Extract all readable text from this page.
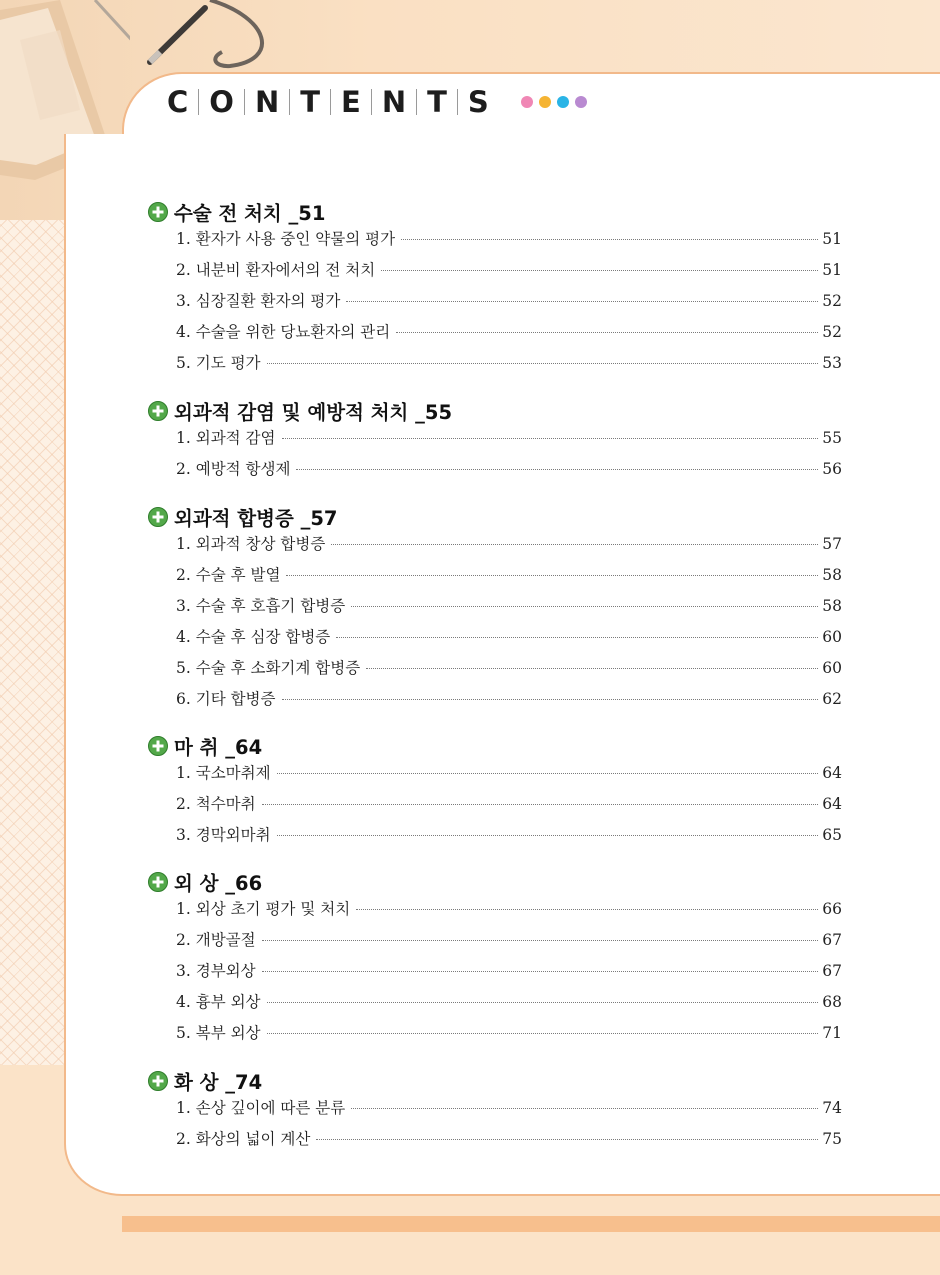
C O N T E N T S
수술 전 처치 _51
1. 환자가 사용 중인 약물의 평가	51
2. 내분비 환자에서의 전 처치	51
3. 심장질환 환자의 평가	52
4. 수술을 위한 당뇨환자의 관리	52
5. 기도 평가	53
외과적 감염 및 예방적 처치 _55
1. 외과적 감염	55
2. 예방적 항생제	56
외과적 합병증 _57
1. 외과적 창상 합병증	57
2. 수술 후 발열	58
3. 수술 후 호흡기 합병증	58
4. 수술 후 심장 합병증	60
5. 수술 후 소화기계 합병증	60
6. 기타 합병증	62
마 취 _64
1. 국소마취제	64
2. 척수마취	64
3. 경막외마취	65
외 상 _66
1. 외상 초기 평가 및 처치	66
2. 개방골절	67
3. 경부외상	67
4. 흉부 외상	68
5. 복부 외상	71
화 상 _74
1. 손상 깊이에 따른 분류	74
2. 화상의 넓이 계산	75
